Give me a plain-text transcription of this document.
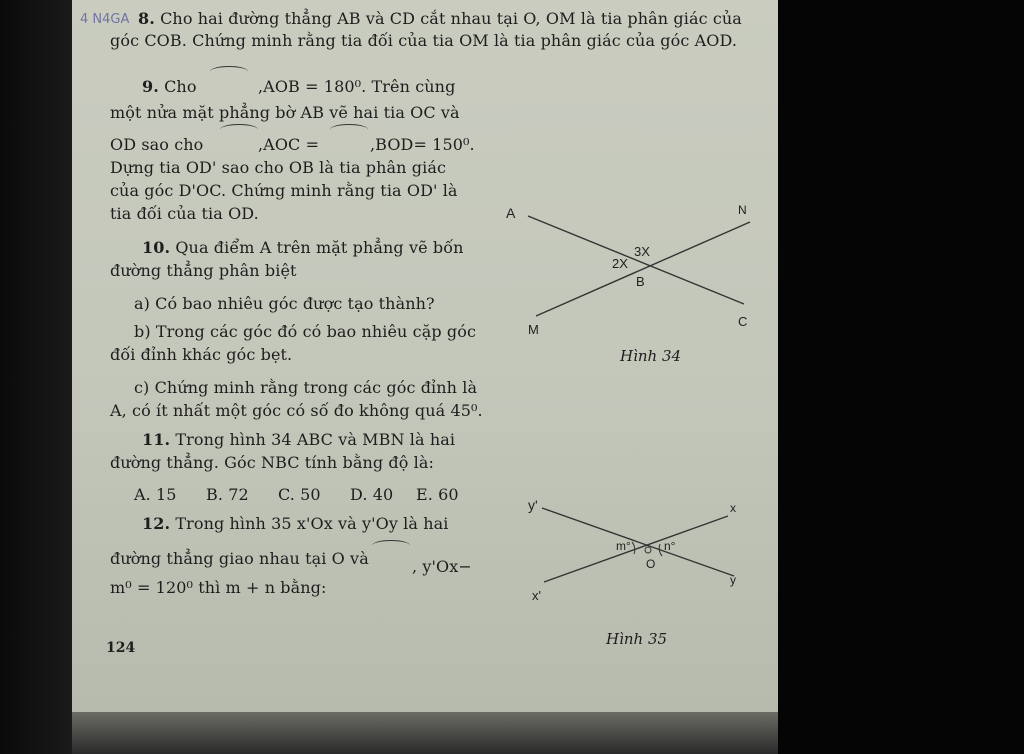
4 N4GA 8. Cho hai đường thẳng AB và CD cắt nhau tại O, OM là tia phân giác của
góc COB. Chứng minh rằng tia đối của tia OM là tia phân giác của góc AOD.
9. Cho	,AOB = 180⁰. Trên cùng
một nửa mặt phẳng bờ AB vẽ hai tia OC và
OD sao cho	,AOC =	,BOD= 150⁰.
Dựng tia OD' sao cho OB là tia phân giác
của góc D'OC. Chứng minh rằng tia OD' là
tia đối của tia OD.
10. Qua điểm A trên mặt phẳng vẽ bốn
đường thẳng phân biệt
a) Có bao nhiêu góc được tạo thành?
b) Trong các góc đó có bao nhiêu cặp góc
đối đỉnh khác góc bẹt.
c) Chứng minh rằng trong các góc đỉnh là
A, có ít nhất một góc có số đo không quá 45⁰.
11. Trong hình 34 ABC và MBN là hai
đường thẳng. Góc NBC tính bằng độ là:
A. 15 B. 72 C. 50 D. 40 E. 60
12. Trong hình 35 x'Ox và y'Oy là hai
đường thẳng giao nhau tại O và	, y'Ox−
m⁰ = 120⁰ thì m + n bằng:
A	N
M
C
B
3X
2X
Hình 34
y'	x
m°	n°
O
x'
y
Hình 35
124
